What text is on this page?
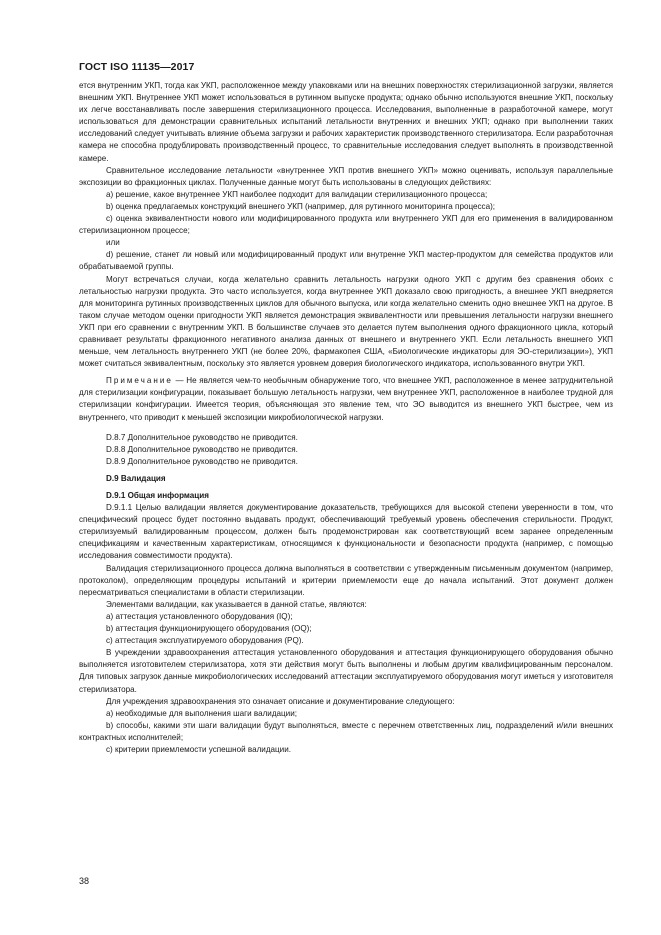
ГОСТ ISO 11135—2017

ется внутренним УКП, тогда как УКП, расположенное между упаковками или на внешних поверхностях стерилизационной загрузки, является внешним УКП. Внутреннее УКП может использоваться в рутинном выпуске продукта; однако обычно используются внешние УКП, поскольку их легче восстанавливать после завершения стерилизационного процесса. Исследования, выполненные в разработочной камере, могут использоваться для демонстрации сравнительных испытаний летальности внутренних и внешних УКП; однако при выполнении таких исследований следует учитывать влияние объема загрузки и рабочих характеристик производственного стерилизатора. Если разработочная камера не способна продублировать производственный процесс, то сравнительные исследования следует выполнять в производственной камере.

Сравнительное исследование летальности «внутреннее УКП против внешнего УКП» можно оценивать, используя параллельные экспозиции во фракционных циклах. Полученные данные могут быть использованы в следующих действиях:

а) решение, какое внутреннее УКП наиболее подходит для валидации стерилизационного процесса;

b) оценка предлагаемых конструкций внешнего УКП (например, для рутинного мониторинга процесса);

с) оценка эквивалентности нового или модифицированного продукта или внутреннего УКП для его применения в валидированном стерилизационном процессе;

или

d) решение, станет ли новый или модифицированный продукт или внутренне УКП мастер-продуктом для семейства продуктов или обрабатываемой группы.

Могут встречаться случаи, когда желательно сравнить летальность нагрузки одного УКП с другим без сравнения обоих с летальностью нагрузки продукта. Это часто используется, когда внутреннее УКП доказало свою пригодность, а внешнее УКП внедряется для мониторинга рутинных производственных циклов для обычного выпуска, или когда желательно сменить одно внешнее УКП на другое. В таком случае методом оценки пригодности УКП является демонстрация эквивалентности или превышения летальности нагрузки внешнего УКП при его сравнении с внутренним УКП. В большинстве случаев это делается путем выполнения одного фракционного цикла, который сравнивает результаты фракционного негативного анализа данных от внешнего и внутреннего УКП. Если летальность внешнего УКП меньше, чем летальность внутреннего УКП (не более 20%, фармакопея США, «Биологические индикаторы для ЭО-стерилизации»), УКП может считаться эквивалентным, поскольку это является уровнем доверия биологического индикатора, использованного внутри УКП.

Примечание — Не является чем-то необычным обнаружение того, что внешнее УКП, расположенное в менее затруднительной для стерилизации конфигурации, показывает большую летальность нагрузки, чем внутреннее УКП, расположенное в наиболее трудной для стерилизации конфигурации. Имеется теория, объясняющая это явление тем, что ЭО выводится из внешнего УКП быстрее, чем из внутреннего, что приводит к меньшей экспозиции микробиологической нагрузки.

D.8.7 Дополнительное руководство не приводится.

D.8.8 Дополнительное руководство не приводится.

D.8.9 Дополнительное руководство не приводится.

D.9 Валидация

D.9.1 Общая информация

D.9.1.1 Целью валидации является документирование доказательств, требующихся для высокой степени уверенности в том, что специфический процесс будет постоянно выдавать продукт, обеспечивающий требуемый уровень обеспечения стерильности. Продукт, стерилизуемый валидированным процессом, должен быть продемонстрирован как соответствующий всем заранее определенным спецификациям и качественным характеристикам, относящимся к функциональности и безопасности продукта (например, с помощью исследования совместимости продукта).

Валидация стерилизационного процесса должна выполняться в соответствии с утвержденным письменным документом (например, протоколом), определяющим процедуры испытаний и критерии приемлемости еще до начала испытаний. Этот документ должен пересматриваться специалистами в области стерилизации.

Элементами валидации, как указывается в данной статье, являются:

а) аттестация установленного оборудования (IQ);

b) аттестация функционирующего оборудования (OQ);

с) аттестация эксплуатируемого оборудования (PQ).

В учреждении здравоохранения аттестация установленного оборудования и аттестация функционирующего оборудования обычно выполняется изготовителем стерилизатора, хотя эти действия могут быть выполнены и любым другим квалифицированным персоналом. Для типовых загрузок данные микробиологических исследований аттестации эксплуатируемого оборудования могут иметься у изготовителя стерилизатора.

Для учреждения здравоохранения это означает описание и документирование следующего:

а) необходимые для выполнения шаги валидации;

b) способы, какими эти шаги валидации будут выполняться, вместе с перечнем ответственных лиц, подразделений и/или внешних контрактных исполнителей;

с) критерии приемлемости успешной валидации.

38
